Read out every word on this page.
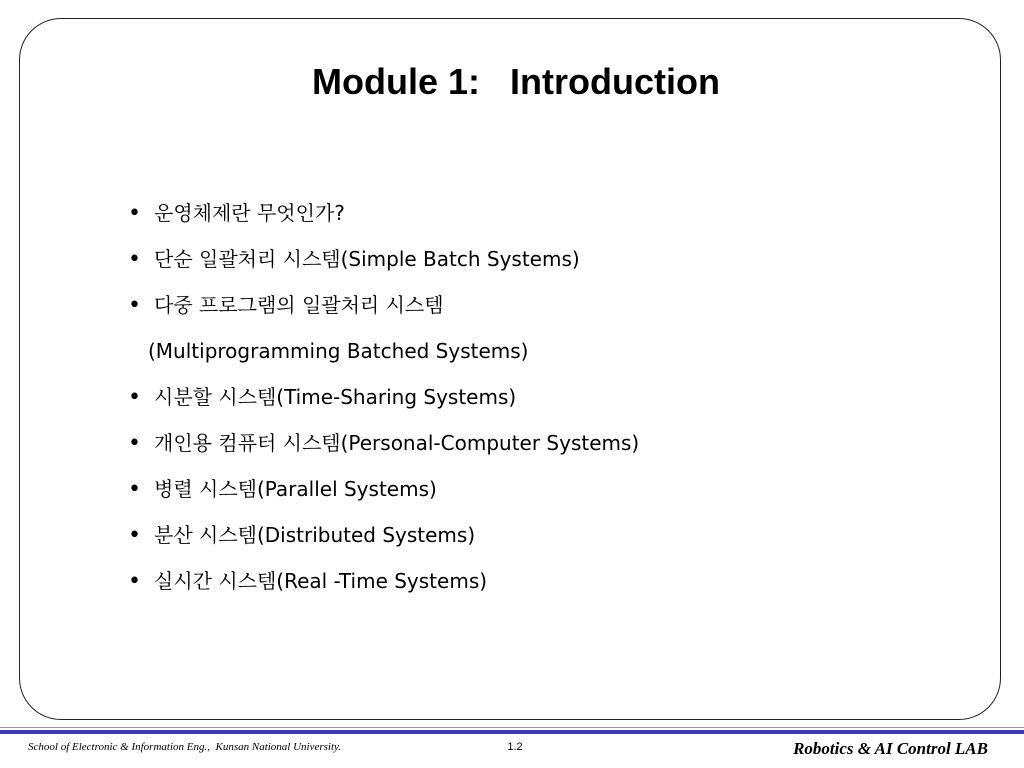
Module 1:   Introduction
• 운영체제란 무엇인가?
• 단순 일괄처리 시스템(Simple Batch Systems)
• 다중 프로그램의 일괄처리 시스템
(Multiprogramming Batched Systems)
• 시분할 시스템(Time-Sharing Systems)
• 개인용 컴퓨터 시스템(Personal-Computer Systems)
• 병렬 시스템(Parallel Systems)
• 분산 시스템(Distributed Systems)
• 실시간 시스템(Real -Time Systems)
School of Electronic & Information Eng.,  Kunsan National University.	1.2	Robotics & AI Control LAB
